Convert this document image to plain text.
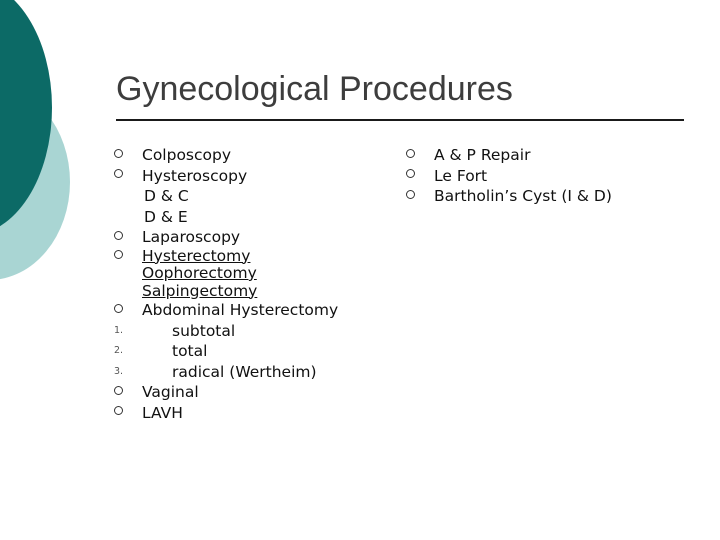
Gynecological Procedures
Colposcopy
Hysteroscopy
D & C
D & E
Laparoscopy
Hysterectomy
Oophorectomy
Salpingectomy
Abdominal Hysterectomy
1.	subtotal
2.	total
3.	radical (Wertheim)
Vaginal
LAVH
A & P Repair
Le Fort
Bartholin’s Cyst (I & D)
